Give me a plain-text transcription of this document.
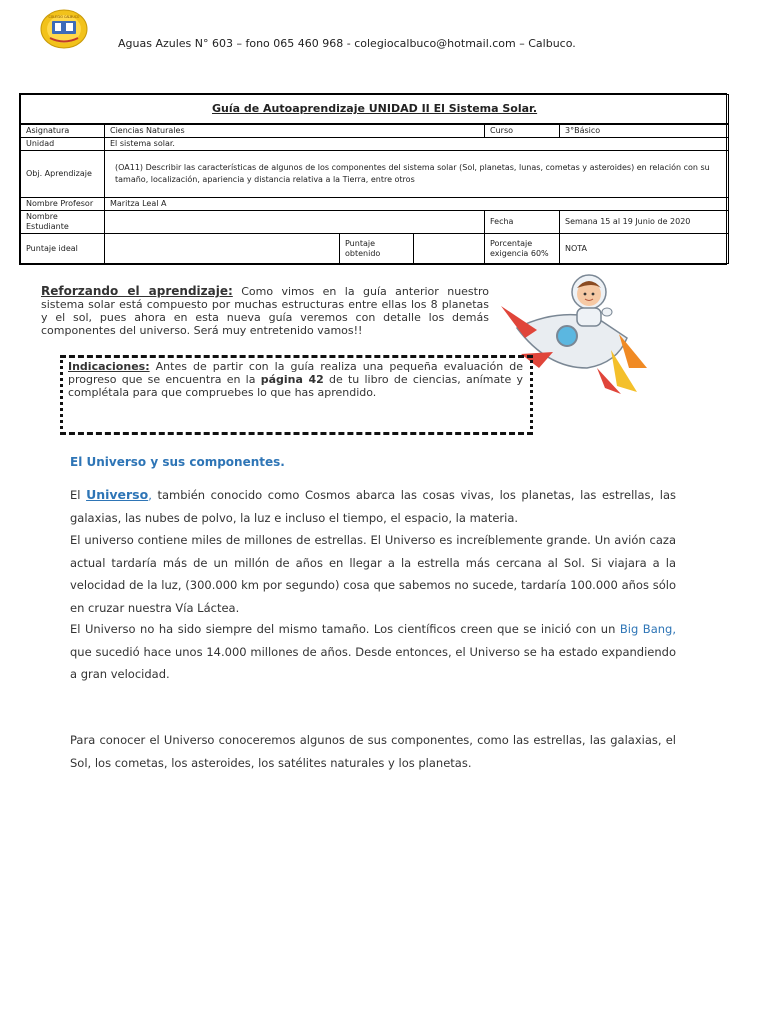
COLEGIO CALBUCO
Aguas Azules N° 603 – fono 065 460 968 - colegiocalbuco@hotmail.com – Calbuco.
Guía de Autoaprendizaje UNIDAD II El Sistema Solar.					
Asignatura	Ciencias Naturales			Curso	3°Básico
Unidad	El sistema solar.				
Obj. Aprendizaje	(OA11) Describir las características de algunos de los componentes del sistema solar (Sol, planetas, lunas, cometas y asteroides) en relación con su tamaño, localización, apariencia y distancia relativa a la Tierra, entre otros				
Nombre Profesor	Maritza Leal A				
Nombre Estudiante				Fecha	Semana 15 al 19 Junio de 2020
Puntaje ideal		Puntaje obtenido		Porcentaje exigencia 60%	NOTA
Reforzando el aprendizaje: Como vimos en la guía anterior nuestro sistema solar está compuesto por muchas estructuras entre ellas los 8 planetas y el sol, pues ahora en esta nueva guía veremos con detalle los demás componentes del universo. Será muy entretenido vamos!!
Indicaciones: Antes de partir con la guía realiza una pequeña evaluación de progreso que se encuentra en la página 42 de tu libro de ciencias, anímate y complétala para que compruebes lo que has aprendido.
El Universo y sus componentes.
El Universo, también conocido como Cosmos abarca las cosas vivas, los planetas, las estrellas, las galaxias, las nubes de polvo, la luz e incluso el tiempo, el espacio, la materia.
El universo contiene miles de millones de estrellas. El Universo es increíblemente grande. Un avión caza actual tardaría más de un millón de años en llegar a la estrella más cercana al Sol. Si viajara a la velocidad de la luz, (300.000 km por segundo) cosa que sabemos no sucede, tardaría 100.000 años sólo en cruzar nuestra Vía Láctea.
El Universo no ha sido siempre del mismo tamaño. Los científicos creen que se inició con un Big Bang, que sucedió hace unos 14.000 millones de años. Desde entonces, el Universo se ha estado expandiendo a gran velocidad.
Para conocer el Universo conoceremos algunos de sus componentes, como las estrellas, las galaxias, el Sol, los cometas, los asteroides, los satélites naturales y los planetas.
